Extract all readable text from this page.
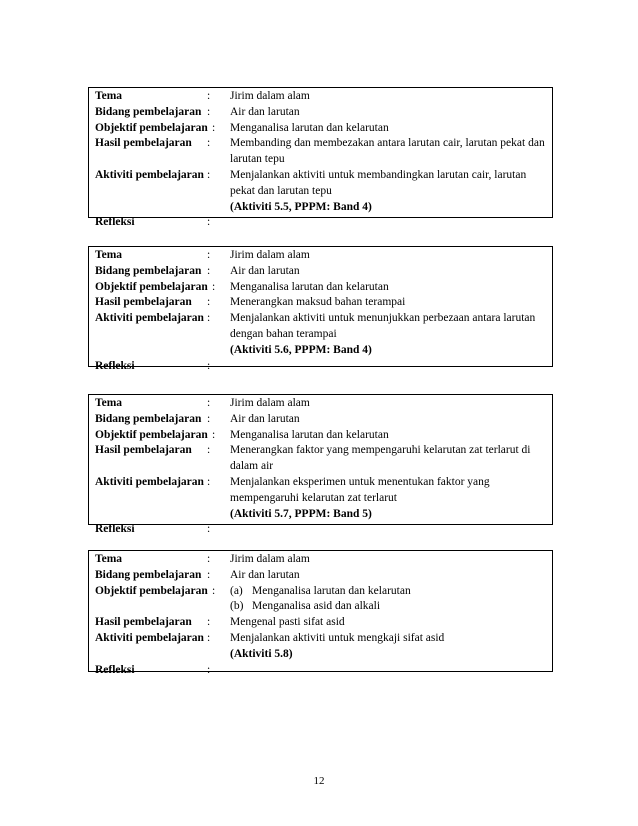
Tema	: Jirim dalam alam
Bidang pembelajaran : Air dan larutan
Objektif pembelajaran : Menganalisa larutan dan kelarutan
Hasil pembelajaran : Membanding dan membezakan antara larutan cair, larutan pekat dan larutan tepu
Aktiviti pembelajaran : Menjalankan aktiviti untuk membandingkan larutan cair, larutan pekat dan larutan tepu
(Aktiviti 5.5, PPPM: Band 4)
Refleksi	:

Tema	: Jirim dalam alam
Bidang pembelajaran : Air dan larutan
Objektif pembelajaran : Menganalisa larutan dan kelarutan
Hasil pembelajaran : Menerangkan maksud bahan terampai
Aktiviti pembelajaran : Menjalankan aktiviti untuk menunjukkan perbezaan antara larutan dengan bahan terampai
(Aktiviti 5.6, PPPM: Band 4)
Refleksi	:

Tema	: Jirim dalam alam
Bidang pembelajaran : Air dan larutan
Objektif pembelajaran : Menganalisa larutan dan kelarutan
Hasil pembelajaran : Menerangkan faktor yang mempengaruhi kelarutan zat terlarut di dalam air
Aktiviti pembelajaran : Menjalankan eksperimen untuk menentukan faktor yang mempengaruhi kelarutan zat terlarut
(Aktiviti 5.7, PPPM: Band 5)
Refleksi	:

Tema	: Jirim dalam alam
Bidang pembelajaran : Air dan larutan
Objektif pembelajaran : (a) Menganalisa larutan dan kelarutan
(b) Menganalisa asid dan alkali
Hasil pembelajaran : Mengenal pasti sifat asid
Aktiviti pembelajaran : Menjalankan aktiviti untuk mengkaji sifat asid
(Aktiviti 5.8)
Refleksi	:

12
